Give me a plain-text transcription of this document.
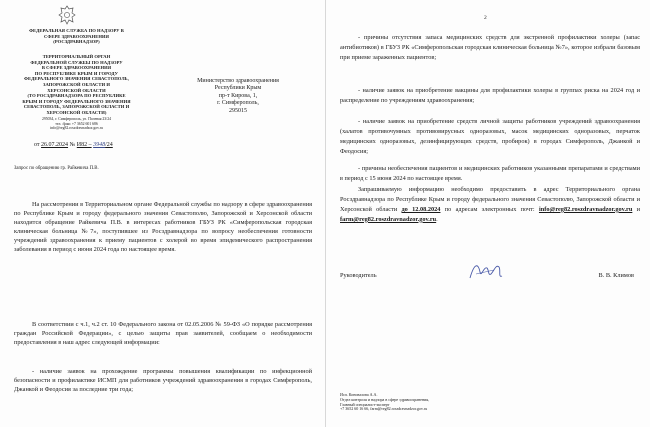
ФЕДЕРАЛЬНАЯ СЛУЖБА ПО НАДЗОРУ В
СФЕРЕ ЗДРАВООХРАНЕНИЯ
(РОСЗДРАВНАДЗОР)
ТЕРРИТОРИАЛЬНЫЙ ОРГАН
ФЕДЕРАЛЬНОЙ СЛУЖБЫ ПО НАДЗОРУ
В СФЕРЕ ЗДРАВООХРАНЕНИЯ
ПО РЕСПУБЛИКЕ КРЫМ И ГОРОДУ
ФЕДЕРАЛЬНОГО ЗНАЧЕНИЯ СЕВАСТОПОЛЬ,
ЗАПОРОЖСКОЙ ОБЛАСТИ И
ХЕРСОНСКОЙ ОБЛАСТИ
(ТО РОСЗДРАВНАДЗОРА ПО РЕСПУБЛИКЕ
КРЫМ И ГОРОДУ ФЕДЕРАЛЬНОГО ЗНАЧЕНИЯ
СЕВАСТОПОЛЬ, ЗАПОРОЖСКОЙ ОБЛАСТИ И
ХЕРСОНСКОЙ ОБЛАСТИ)
295034, г. Симферополь, ул. Полевая 23/24
тел. /факс +7 3652 601 686
info@reg82.roszdravnadzor.gov.ru
Министерство здравоохранения
Республики Крым
пр-т Кирова, 1,
г. Симферополь,
295015
от 26.07.2024 № И82 – 3948/24
Запрос по обращению гр. Райкевича П.В.
На рассмотрении в Территориальном органе Федеральной службы по надзору в сфере здравоохранения по Республике Крым и городу федерального значения Севастополю, Запорожской и Херсонской области находится обращение Райкевича П.В. в интересах работников ГБУЗ РК «Симферопольская городская клиническая больница №7», поступившее из Росздравнадзора по вопросу необеспечения готовности учреждений здравоохранения к приему пациентов с холерой во время эпидемического распространения заболевания в период с июня 2024 года по настоящее время.
В соответствии с ч.1, ч.2 ст. 10 Федерального закона от 02.05.2006 № 59-ФЗ «О порядке рассмотрения граждан Российской Федерации», с целью защиты прав заявителей, сообщаем о необходимости предоставления в наш адрес следующей информации:
- наличие заявок на прохождение программы повышения квалификации по инфекционной безопасности и профилактике ИСМП для работников учреждений здравоохранения в городах Симферополь, Джанкой и Феодосия за последние три года;
2
- причины отсутствия запаса медицинских средств для экстренной профилактики холеры (запас антибиотиков) в ГБУЗ РК «Симферопольская городская клиническая больница №7», которое избрали базовым при приеме зараженных пациентов;
- наличие заявок на приобретение вакцины для профилактики холеры в группах риска на 2024 год и распределение по учреждениям здравоохранения;
- наличие заявок на приобретение средств личной защиты работников учреждений здравоохранения (халатов противочумных противовирусных одноразовых, масок медицинских одноразовых, перчаток медицинских одноразовых, дезинфицирующих средств, пробирок) в городах Симферополь, Джанкой и Феодосия;
- причины необеспечения пациентов и медицинских работников указанными препаратами и средствами в период с 15 июня 2024 по настоящее время.
Запрашиваемую информацию необходимо предоставить в адрес Территориального органа Росздравнадзора по Республике Крым и городу федерального значения Севастополю, Запорожской области и Херсонской области до 12.08.2024 по адресам электронных почт: info@reg82.roszdravnadzor.gov.ru и farm@reg82.roszdravnadzor.gov.ru.
Руководитель	В. В. Климов
Исп. Коновалова А.А.
Отдел контроля и надзора в сфере здравоохранения,
Главный специалист-эксперт
+7 3652 60 16 66, farm@reg82.roszdravnadzor.gov.ru
